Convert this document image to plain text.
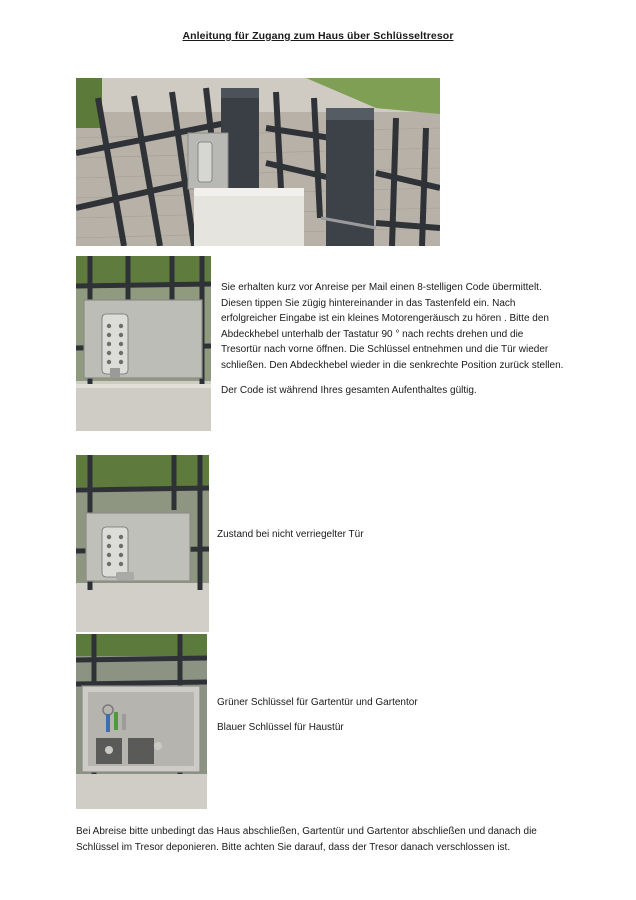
Anleitung für Zugang zum Haus über Schlüsseltresor

Sie erhalten kurz vor Anreise per Mail einen 8-stelligen Code übermittelt. Diesen tippen Sie zügig hintereinander in das Tastenfeld ein. Nach erfolgreicher Eingabe ist ein kleines Motorengeräusch zu hören . Bitte den Abdeckhebel unterhalb der Tastatur 90 ° nach rechts drehen und die Tresortür nach vorne öffnen. Die Schlüssel entnehmen und die Tür wieder schließen. Den Abdeckhebel wieder in die senkrechte Position zurück stellen.

Der Code ist während Ihres gesamten Aufenthaltes gültig.

Zustand bei nicht verriegelter Tür
Grüner Schlüssel für Gartentür und Gartentor
Blauer Schlüssel für Haustür
Bei Abreise bitte unbedingt das Haus abschließen, Gartentür und Gartentor abschließen und danach die Schlüssel im Tresor deponieren. Bitte achten Sie darauf, dass der Tresor danach verschlossen ist.
